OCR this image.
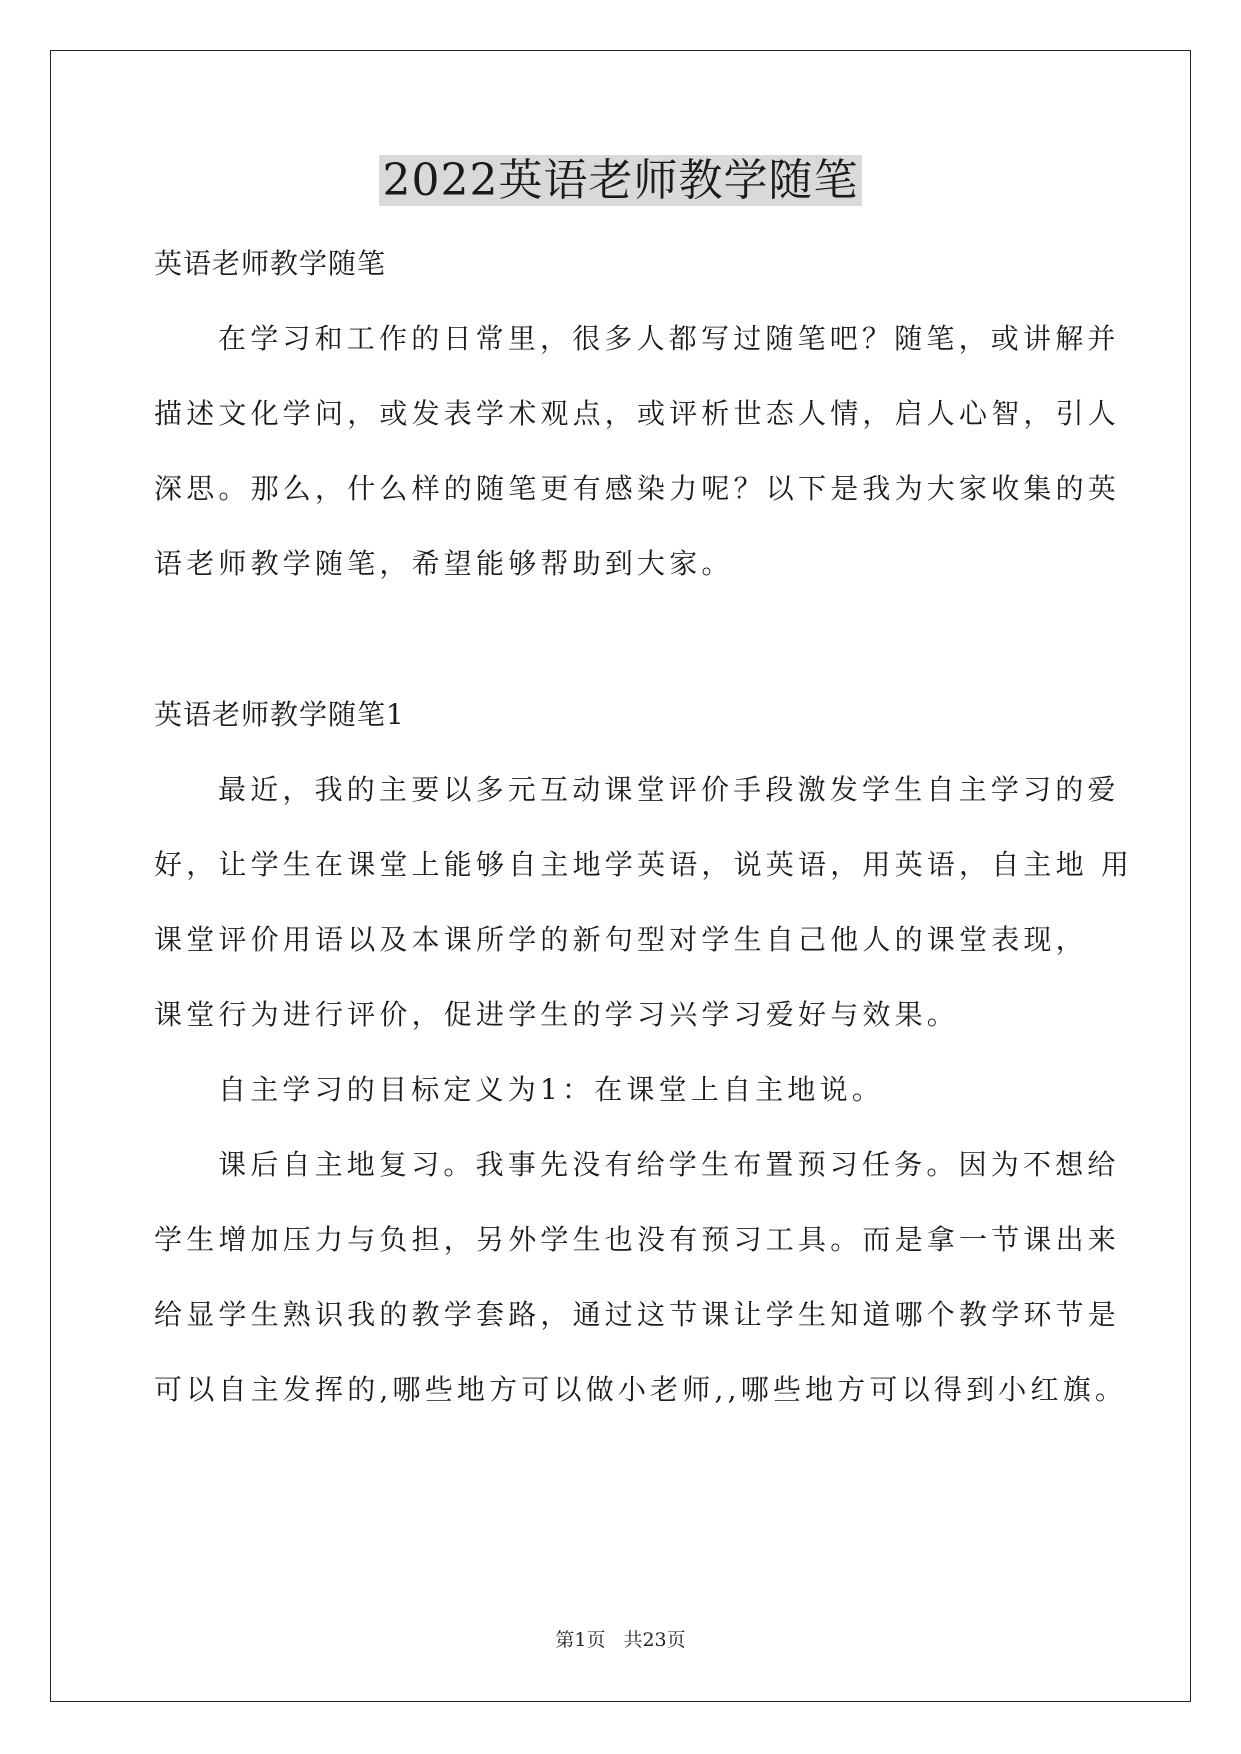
2022英语老师教学随笔
英语老师教学随笔
在学习和工作的日常里，很多人都写过随笔吧？随笔，或讲解并
描述文化学问，或发表学术观点，或评析世态人情，启人心智，引人
深思。那么，什么样的随笔更有感染力呢？以下是我为大家收集的英
语老师教学随笔，希望能够帮助到大家。
英语老师教学随笔1
最近，我的主要以多元互动课堂评价手段激发学生自主学习的爱
好，让学生在课堂上能够自主地学英语，说英语，用英语，自主地 用
课堂评价用语以及本课所学的新句型对学生自己他人的课堂表现，
课堂行为进行评价，促进学生的学习兴学习爱好与效果。
自主学习的目标定义为1：在课堂上自主地说。
课后自主地复习。我事先没有给学生布置预习任务。因为不想给
学生增加压力与负担，另外学生也没有预习工具。而是拿一节课出来
给显学生熟识我的教学套路，通过这节课让学生知道哪个教学环节是
可以自主发挥的,哪些地方可以做小老师,,哪些地方可以得到小红旗。
第1页 共23页
